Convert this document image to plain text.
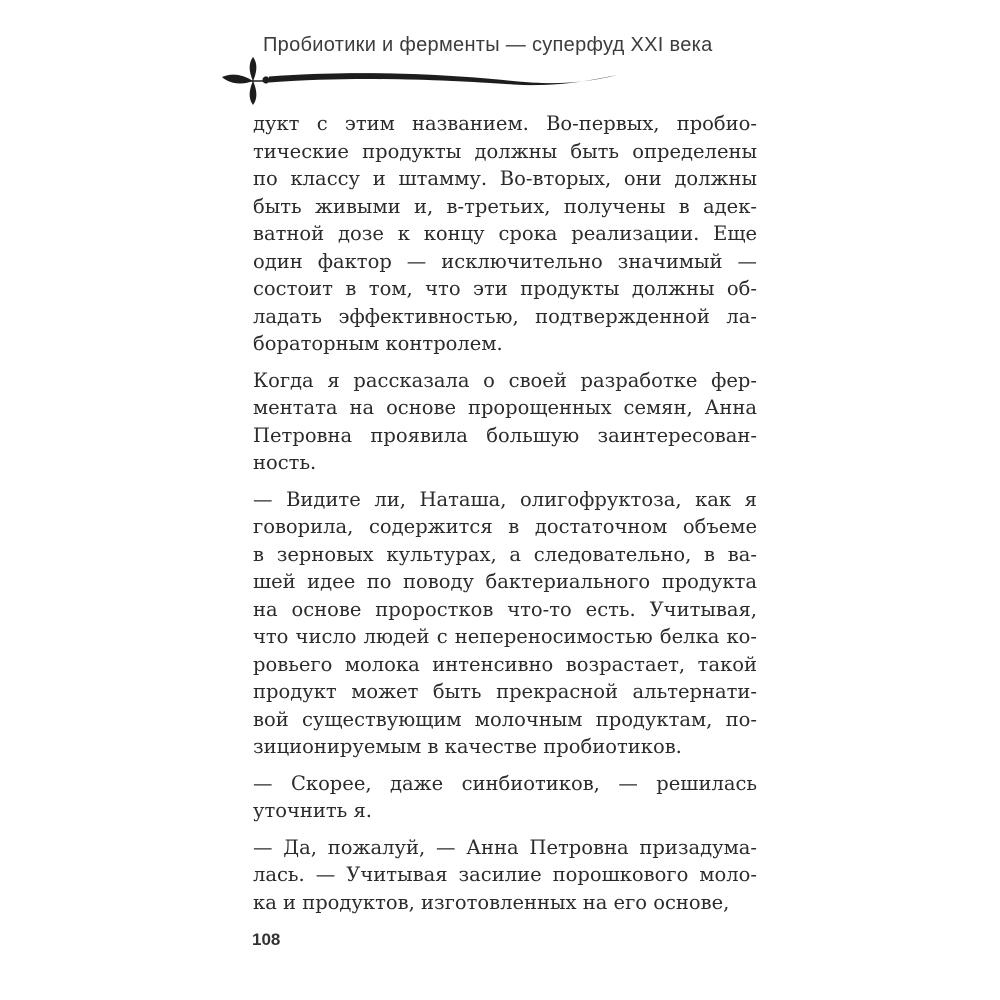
Пробиотики и ферменты — суперфуд XXI века
дукт с этим названием. Во-первых, пробио-
тические продукты должны быть определены
по классу и штамму. Во-вторых, они должны
быть живыми и, в-третьих, получены в адек-
ватной дозе к концу срока реализации. Еще
один фактор — исключительно значимый —
состоит в том, что эти продукты должны об-
ладать эффективностью, подтвержденной ла-
бораторным контролем.
Когда я рассказала о своей разработке фер-
ментата на основе пророщенных семян, Анна
Петровна проявила большую заинтересован-
ность.
— Видите ли, Наташа, олигофруктоза, как я
говорила, содержится в достаточном объеме
в зерновых культурах, а следовательно, в ва-
шей идее по поводу бактериального продукта
на основе проростков что-то есть. Учитывая,
что число людей с непереносимостью белка ко-
ровьего молока интенсивно возрастает, такой
продукт может быть прекрасной альтернати-
вой существующим молочным продуктам, по-
зиционируемым в качестве пробиотиков.
— Скорее, даже синбиотиков, — решилась
уточнить я.
— Да, пожалуй, — Анна Петровна призадума-
лась. — Учитывая засилие порошкового моло-
ка и продуктов, изготовленных на его основе,
108
